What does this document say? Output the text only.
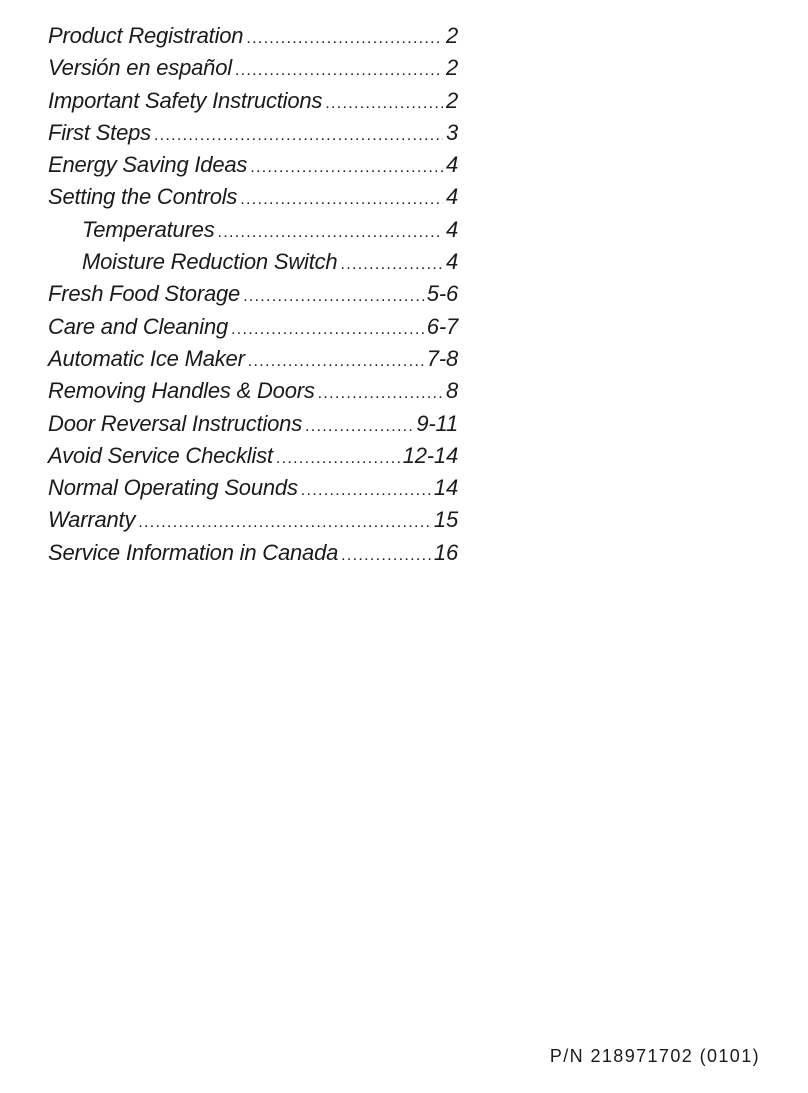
Product Registration .....	2
Versión en español .....	2
Important Safety Instructions .....	2
First Steps .....	3
Energy Saving Ideas .....	4
Setting the Controls .....	4
Temperatures .....	4
Moisture Reduction Switch .....	4
Fresh Food Storage .....	5-6
Care and Cleaning .....	6-7
Automatic Ice Maker .....	7-8
Removing Handles & Doors .....	8
Door Reversal Instructions .....	9-11
Avoid Service Checklist .....	12-14
Normal Operating Sounds .....	14
Warranty .....	15
Service Information in Canada .....	16
P/N 218971702 (0101)
